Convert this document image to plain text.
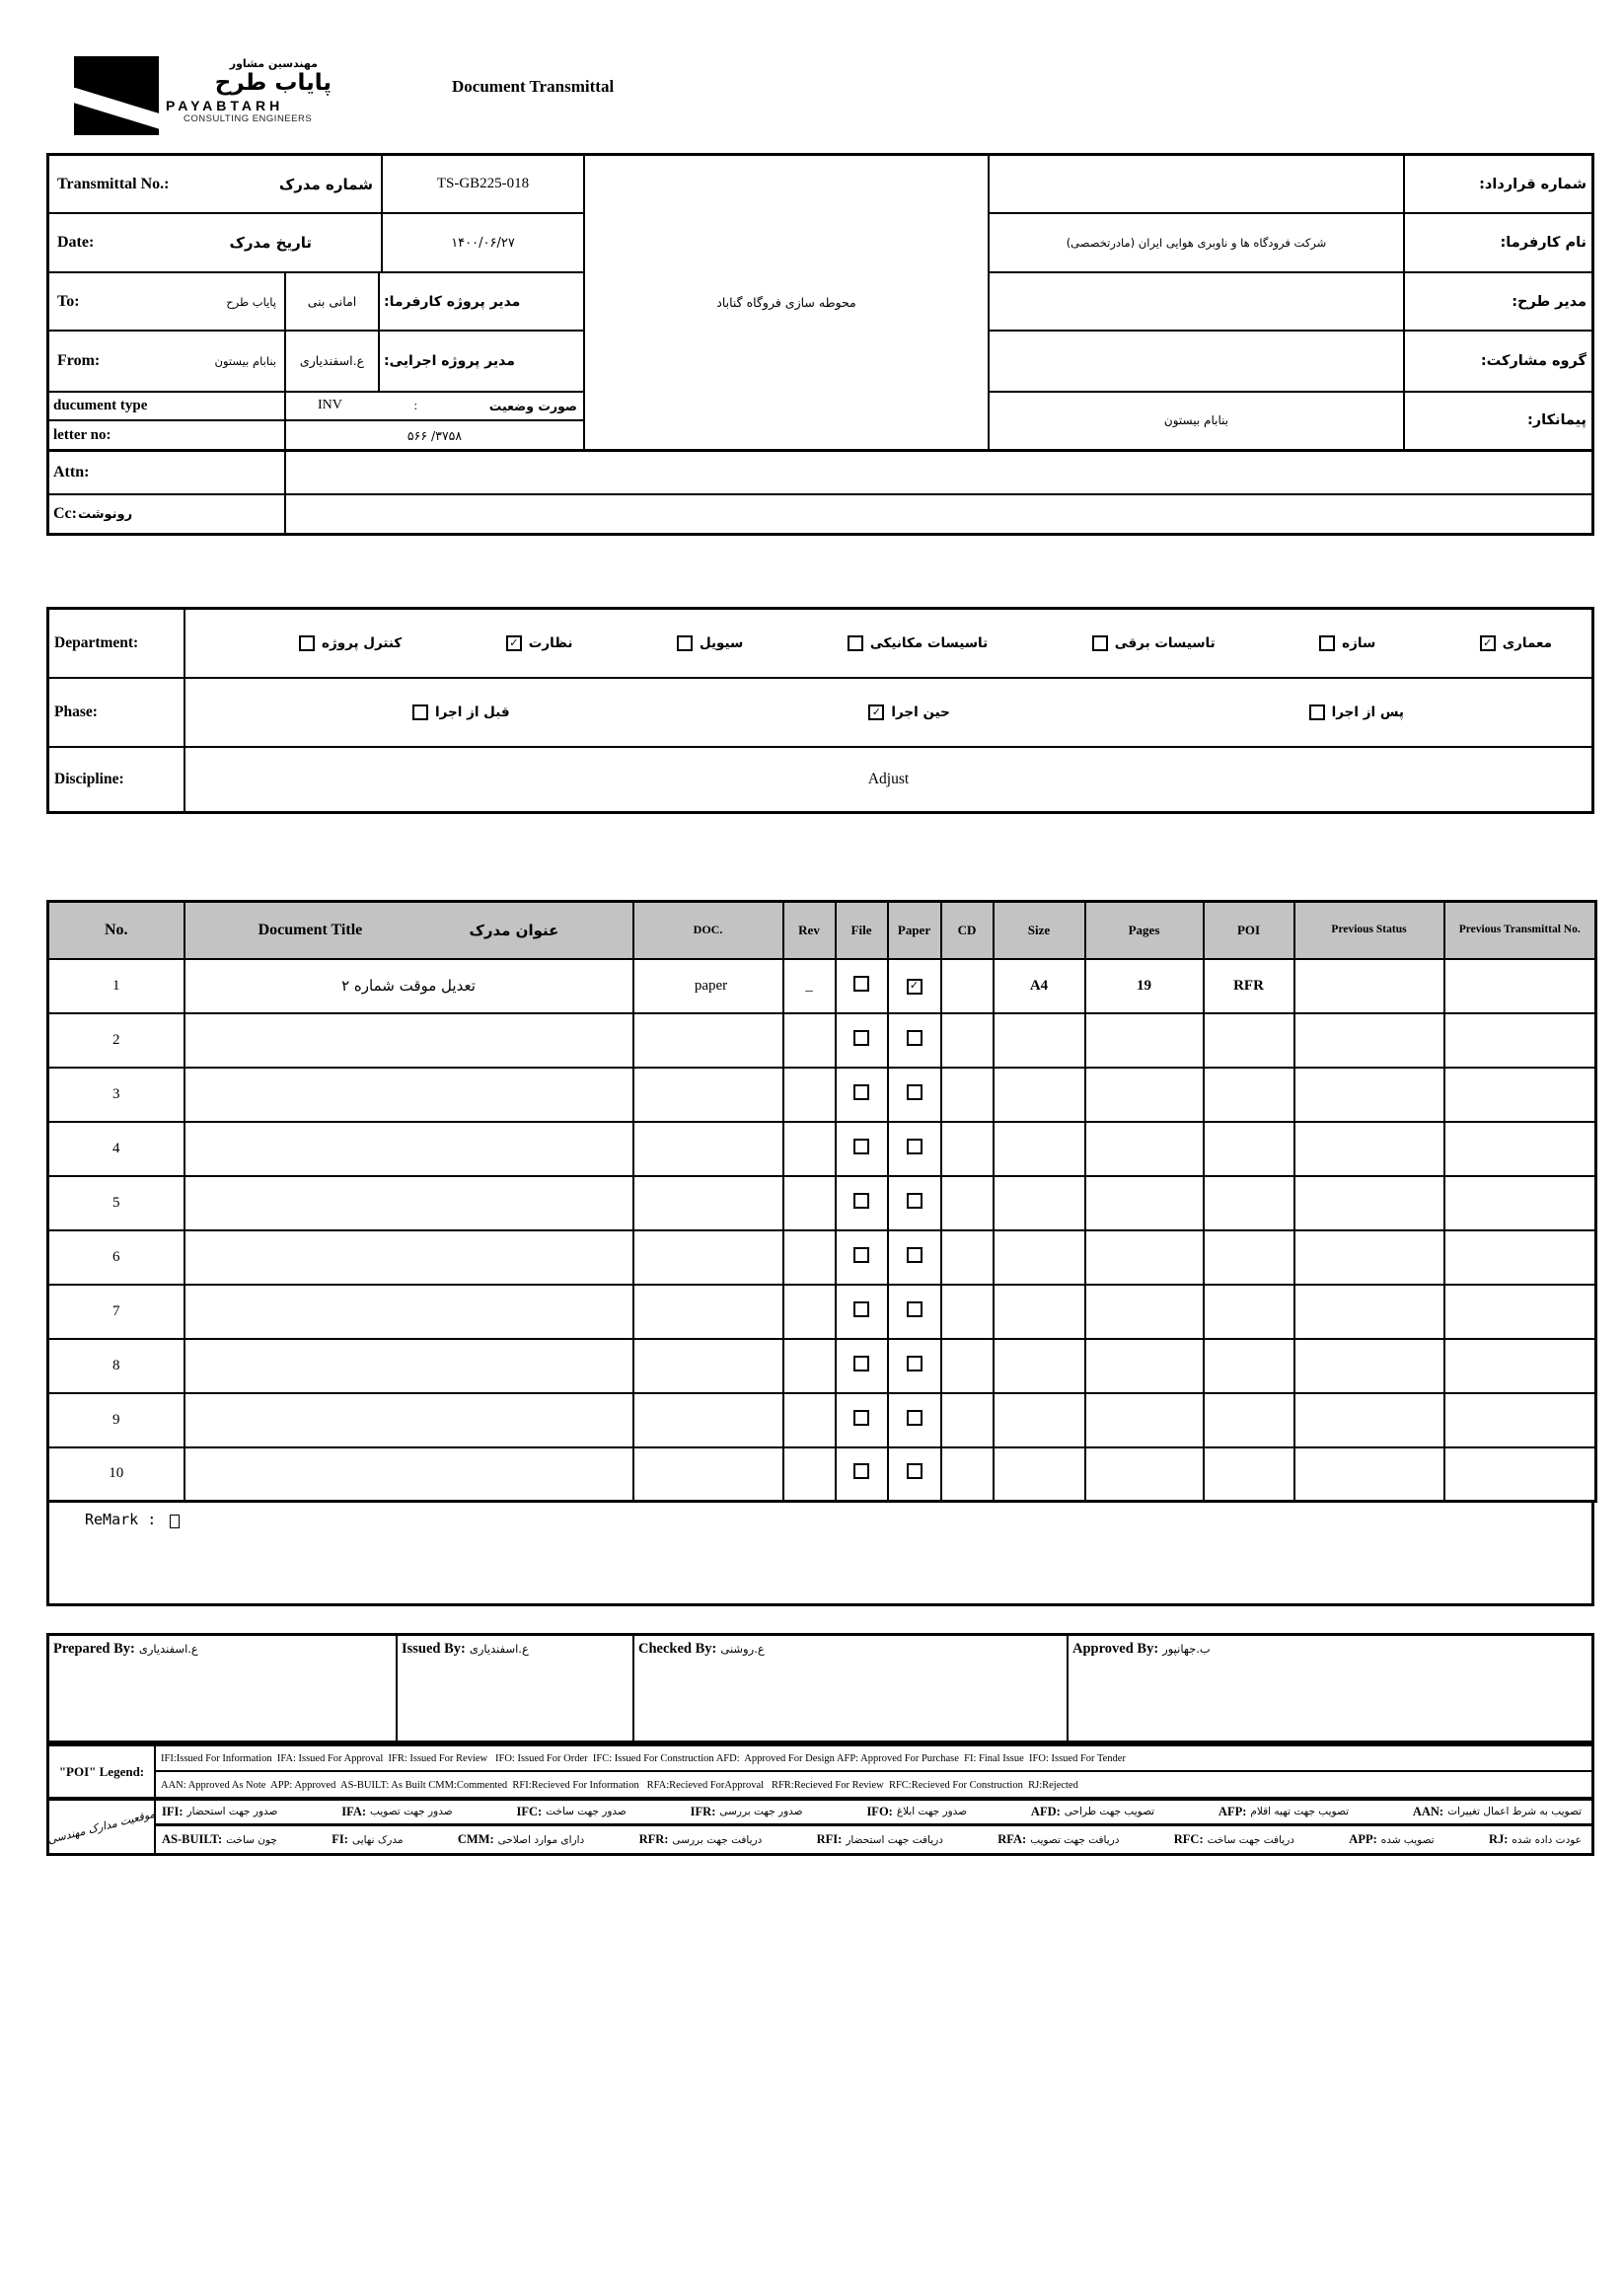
مهندسین مشاور
پایاب طرح
PAYABTARH
CONSULTING ENGINEERS
Document Transmittal
Transmittal No.:	شماره مدرک	TS-GB225-018
Date:	تاریخ مدرک	۱۴۰۰/۰۶/۲۷
To:	پایاب طرح	امانی بنی	مدیر پروژه کارفرما:
From:	بنابام بیستون	ع.اسفندیاری	مدیر پروژه اجرایی:
ducument type	INV	:	صورت وضعیت
letter no:	۵۶۶ /۳۷۵۸
محوطه سازی فروگاه گناباد
شماره قرارداد:
شرکت فرودگاه ها و ناوبری هوایی ایران (مادرتخصصی)	نام کارفرما:
مدیر طرح:
گروه مشارکت:
بنابام بیستون	پیمانکار:
Attn:
Cc: رونوشت
Department:	کنترل پروژه	✓ نظارت	سیویل	تاسیسات مکانیکی	تاسیسات برقی	سازه	✓ معماری
Phase:	قبل از اجرا	✓ حین اجرا	پس از اجرا
Discipline:	Adjust
No.	Document Title عنوان مدرک	DOC.	Rev	File	Paper	CD	Size	Pages	POI	Previous Status	Previous Transmittal No.
1	تعدیل موقت شماره ۲	paper	_		✓		A4	19	RFR		
2											
3											
4											
5											
6											
7											
8											
9											
10											
ReMark :
Prepared By: ع.اسفندیاری	Issued By: ع.اسفندیاری	Checked By: ع.روشنی	Approved By: ب.جهانپور
"POI" Legend:
IFI:Issued For Information  IFA: Issued For Approval  IFR: Issued For Review   IFO: Issued For Order  IFC: Issued For Construction AFD:  Approved For Design AFP: Approved For Purchase  FI: Final Issue  IFO: Issued For Tender
AAN: Approved As Note  APP: Approved  AS-BUILT: As Built CMM:Commented  RFI:Recieved For Information   RFA:Recieved ForApproval   RFR:Recieved For Review  RFC:Recieved For Construction  RJ:Rejected
موقعیت مدارک مهندسی IFI: صدور جهت استحضار	IFA: صدور جهت تصویب	IFC: صدور جهت ساخت	IFR: صدور جهت بررسی	IFO: صدور جهت ابلاغ	AFD: تصویب جهت طراحی	AFP: تصویب جهت تهیه اقلام	AAN: تصویب به شرط اعمال تغییرات
AS-BUILT: چون ساخت	FI: مدرک نهایی	CMM: دارای موارد اصلاحی	RFR: دریافت جهت بررسی	RFI: دریافت جهت استحضار	RFA: دریافت جهت تصویب	RFC: دریافت جهت ساخت	APP: تصویب شده	RJ: عودت داده شده
